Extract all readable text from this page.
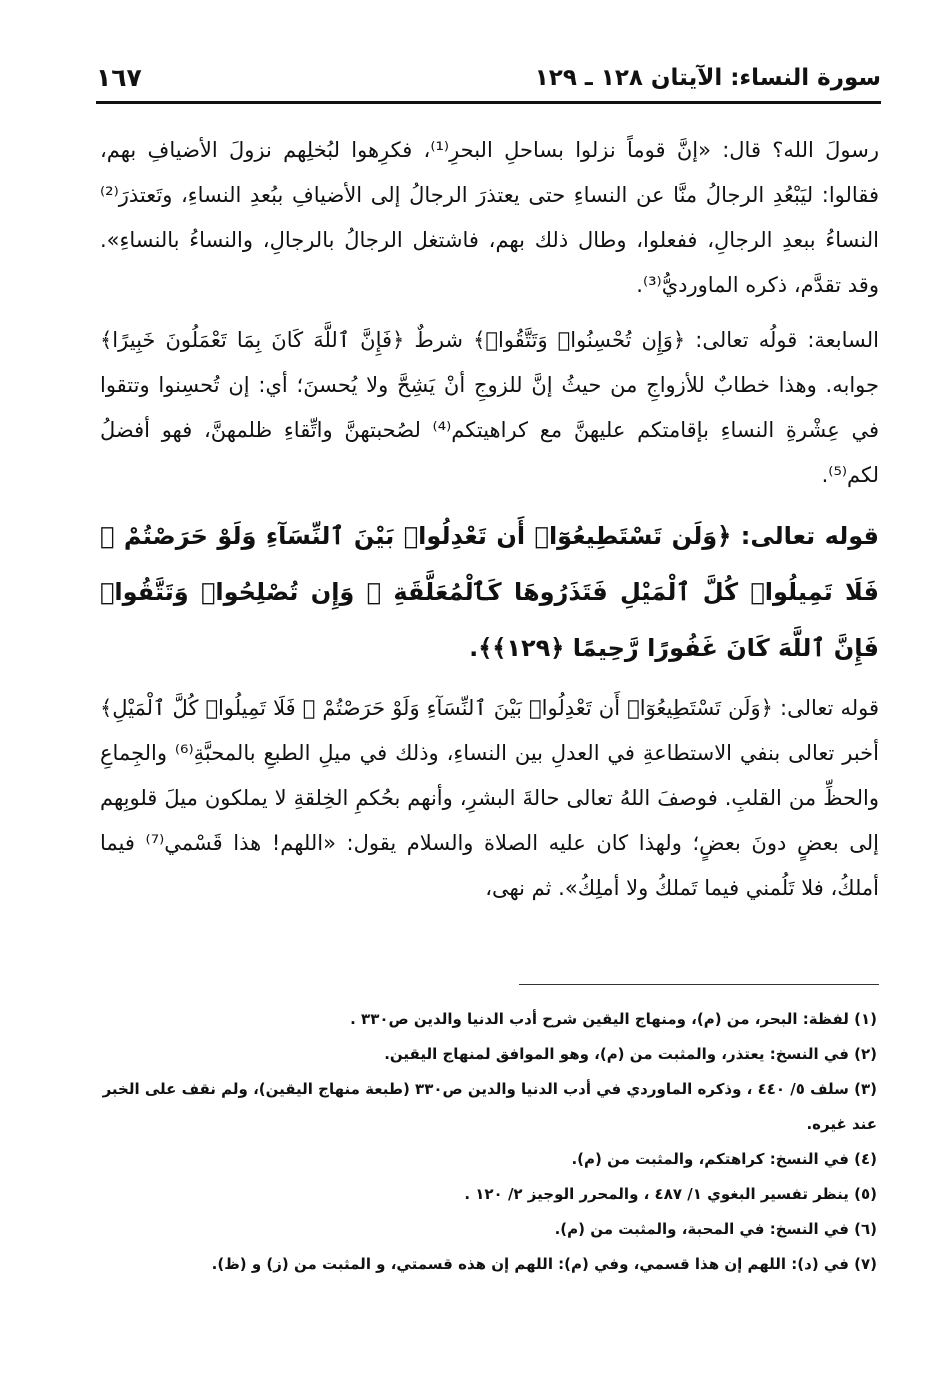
سورة النساء: الآيتان ١٢٨ ـ ١٢٩
١٦٧

رسولَ الله؟ قال: «إنَّ قوماً نزلوا بساحلِ البحرِ⁽¹⁾، فكرِهوا لبُخلِهم نزولَ الأضيافِ بهم، فقالوا: ليَبْعُدِ الرجالُ منَّا عن النساءِ حتى يعتذرَ الرجالُ إلى الأضيافِ ببُعدِ النساءِ، وتَعتذرَ⁽²⁾ النساءُ ببعدِ الرجالِ، ففعلوا، وطال ذلك بهم، فاشتغل الرجالُ بالرجالِ، والنساءُ بالنساءِ». وقد تقدَّم، ذكره الماورديُّ⁽³⁾.

السابعة: قولُه تعالى: ﴿وَإِن تُحْسِنُوا۟ وَتَتَّقُوا۟﴾ شرطٌ ﴿فَإِنَّ ٱللَّهَ كَانَ بِمَا تَعْمَلُونَ خَبِيرًا﴾ جوابه. وهذا خطابٌ للأزواجِ من حيثُ إنَّ للزوجِ أنْ يَشِحَّ ولا يُحسنَ؛ أي: إن تُحسِنوا وتتقوا في عِشْرةِ النساءِ بإقامتكم عليهنَّ مع كراهيتكم⁽⁴⁾ لصُحبتهنَّ واتِّقاءِ ظلمهنَّ، فهو أفضلُ لكم⁽⁵⁾.

قوله تعالى: ﴿وَلَن تَسْتَطِيعُوٓا۟ أَن تَعْدِلُوا۟ بَيْنَ ٱلنِّسَآءِ وَلَوْ حَرَصْتُمْ ۖ فَلَا تَمِيلُوا۟ كُلَّ ٱلْمَيْلِ فَتَذَرُوهَا كَٱلْمُعَلَّقَةِ ۚ وَإِن تُصْلِحُوا۟ وَتَتَّقُوا۟ فَإِنَّ ٱللَّهَ كَانَ غَفُورًا رَّحِيمًا ﴿١٢٩﴾﴾.

قوله تعالى: ﴿وَلَن تَسْتَطِيعُوٓا۟ أَن تَعْدِلُوا۟ بَيْنَ ٱلنِّسَآءِ وَلَوْ حَرَصْتُمْ ۖ فَلَا تَمِيلُوا۟ كُلَّ ٱلْمَيْلِ﴾ أخبر تعالى بنفي الاستطاعةِ في العدلِ بين النساءِ، وذلك في ميلِ الطبعِ بالمحبَّةِ⁽⁶⁾ والجِماعِ والحظِّ من القلبِ. فوصفَ اللهُ تعالى حالةَ البشرِ، وأنهم بحُكمِ الخِلقةِ لا يملكون ميلَ قلوبِهم إلى بعضٍ دونَ بعضٍ؛ ولهذا كان عليه الصلاة والسلام يقول: «اللهم! هذا قَسْمي⁽⁷⁾ فيما أملكُ، فلا تَلُمني فيما تَملكُ ولا أملِكُ». ثم نهى،

(١) لفظة: البحر، من (م)، ومنهاج اليقين شرح أدب الدنيا والدين ص٣٣٠ .

(٢) في النسخ: يعتذر، والمثبت من (م)، وهو الموافق لمنهاج اليقين.

(٣) سلف ٥/ ٤٤٠ ، وذكره الماوردي في أدب الدنيا والدين ص٣٣٠ (طبعة منهاج اليقين)، ولم نقف على الخبر عند غيره.

(٤) في النسخ: كراهتكم، والمثبت من (م).

(٥) ينظر تفسير البغوي ١/ ٤٨٧ ، والمحرر الوجيز ٢/ ١٢٠ .

(٦) في النسخ: في المحبة، والمثبت من (م).

(٧) في (د): اللهم إن هذا قسمي، وفي (م): اللهم إن هذه قسمتي، و المثبت من (ز) و (ظ).
